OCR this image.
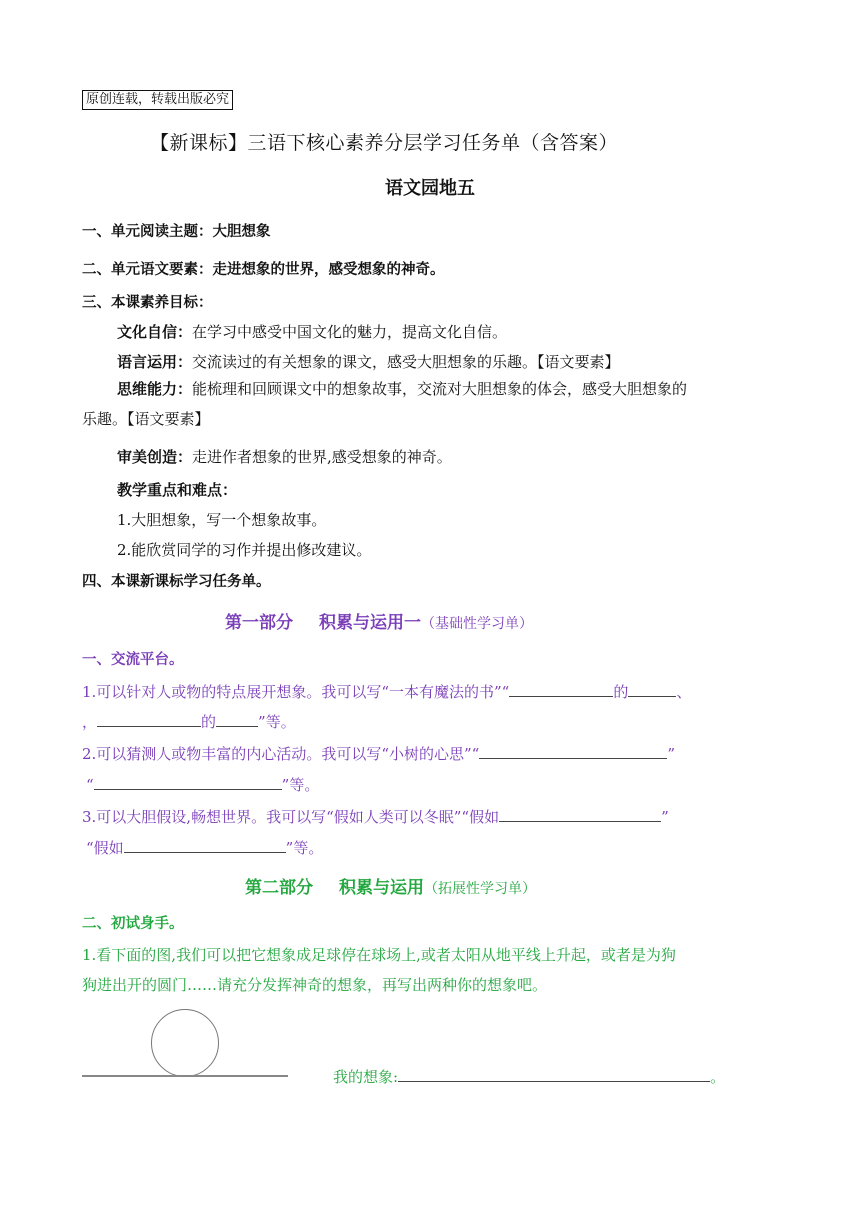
原创连载，转载出版必究
【新课标】三语下核心素养分层学习任务单（含答案）
语文园地五
一、单元阅读主题：大胆想象
二、单元语文要素：走进想象的世界，感受想象的神奇。
三、本课素养目标：
文化自信：在学习中感受中国文化的魅力，提高文化自信。
语言运用：交流读过的有关想象的课文，感受大胆想象的乐趣。【语文要素】
思维能力：能梳理和回顾课文中的想象故事，交流对大胆想象的体会，感受大胆想象的
乐趣。【语文要素】
审美创造：走进作者想象的世界,感受想象的神奇。
教学重点和难点：
1.大胆想象，写一个想象故事。
2.能欣赏同学的习作并提出修改建议。
四、本课新课标学习任务单。
第一部分 积累与运用一（基础性学习单）
一、交流平台。
1.可以针对人或物的特点展开想象。我可以写“一本有魔法的书”“	的	、
，	的	”等。
2.可以猜测人或物丰富的内心活动。我可以写“小树的心思”“	”
“	”等。
3.可以大胆假设,畅想世界。我可以写“假如人类可以冬眠”“假如	”
“假如	”等。
第二部分 积累与运用（拓展性学习单）
二、初试身手。
1.看下面的图,我们可以把它想象成足球停在球场上,或者太阳从地平线上升起，或者是为狗
狗进出开的圆门……请充分发挥神奇的想象，再写出两种你的想象吧。
我的想象:	。
